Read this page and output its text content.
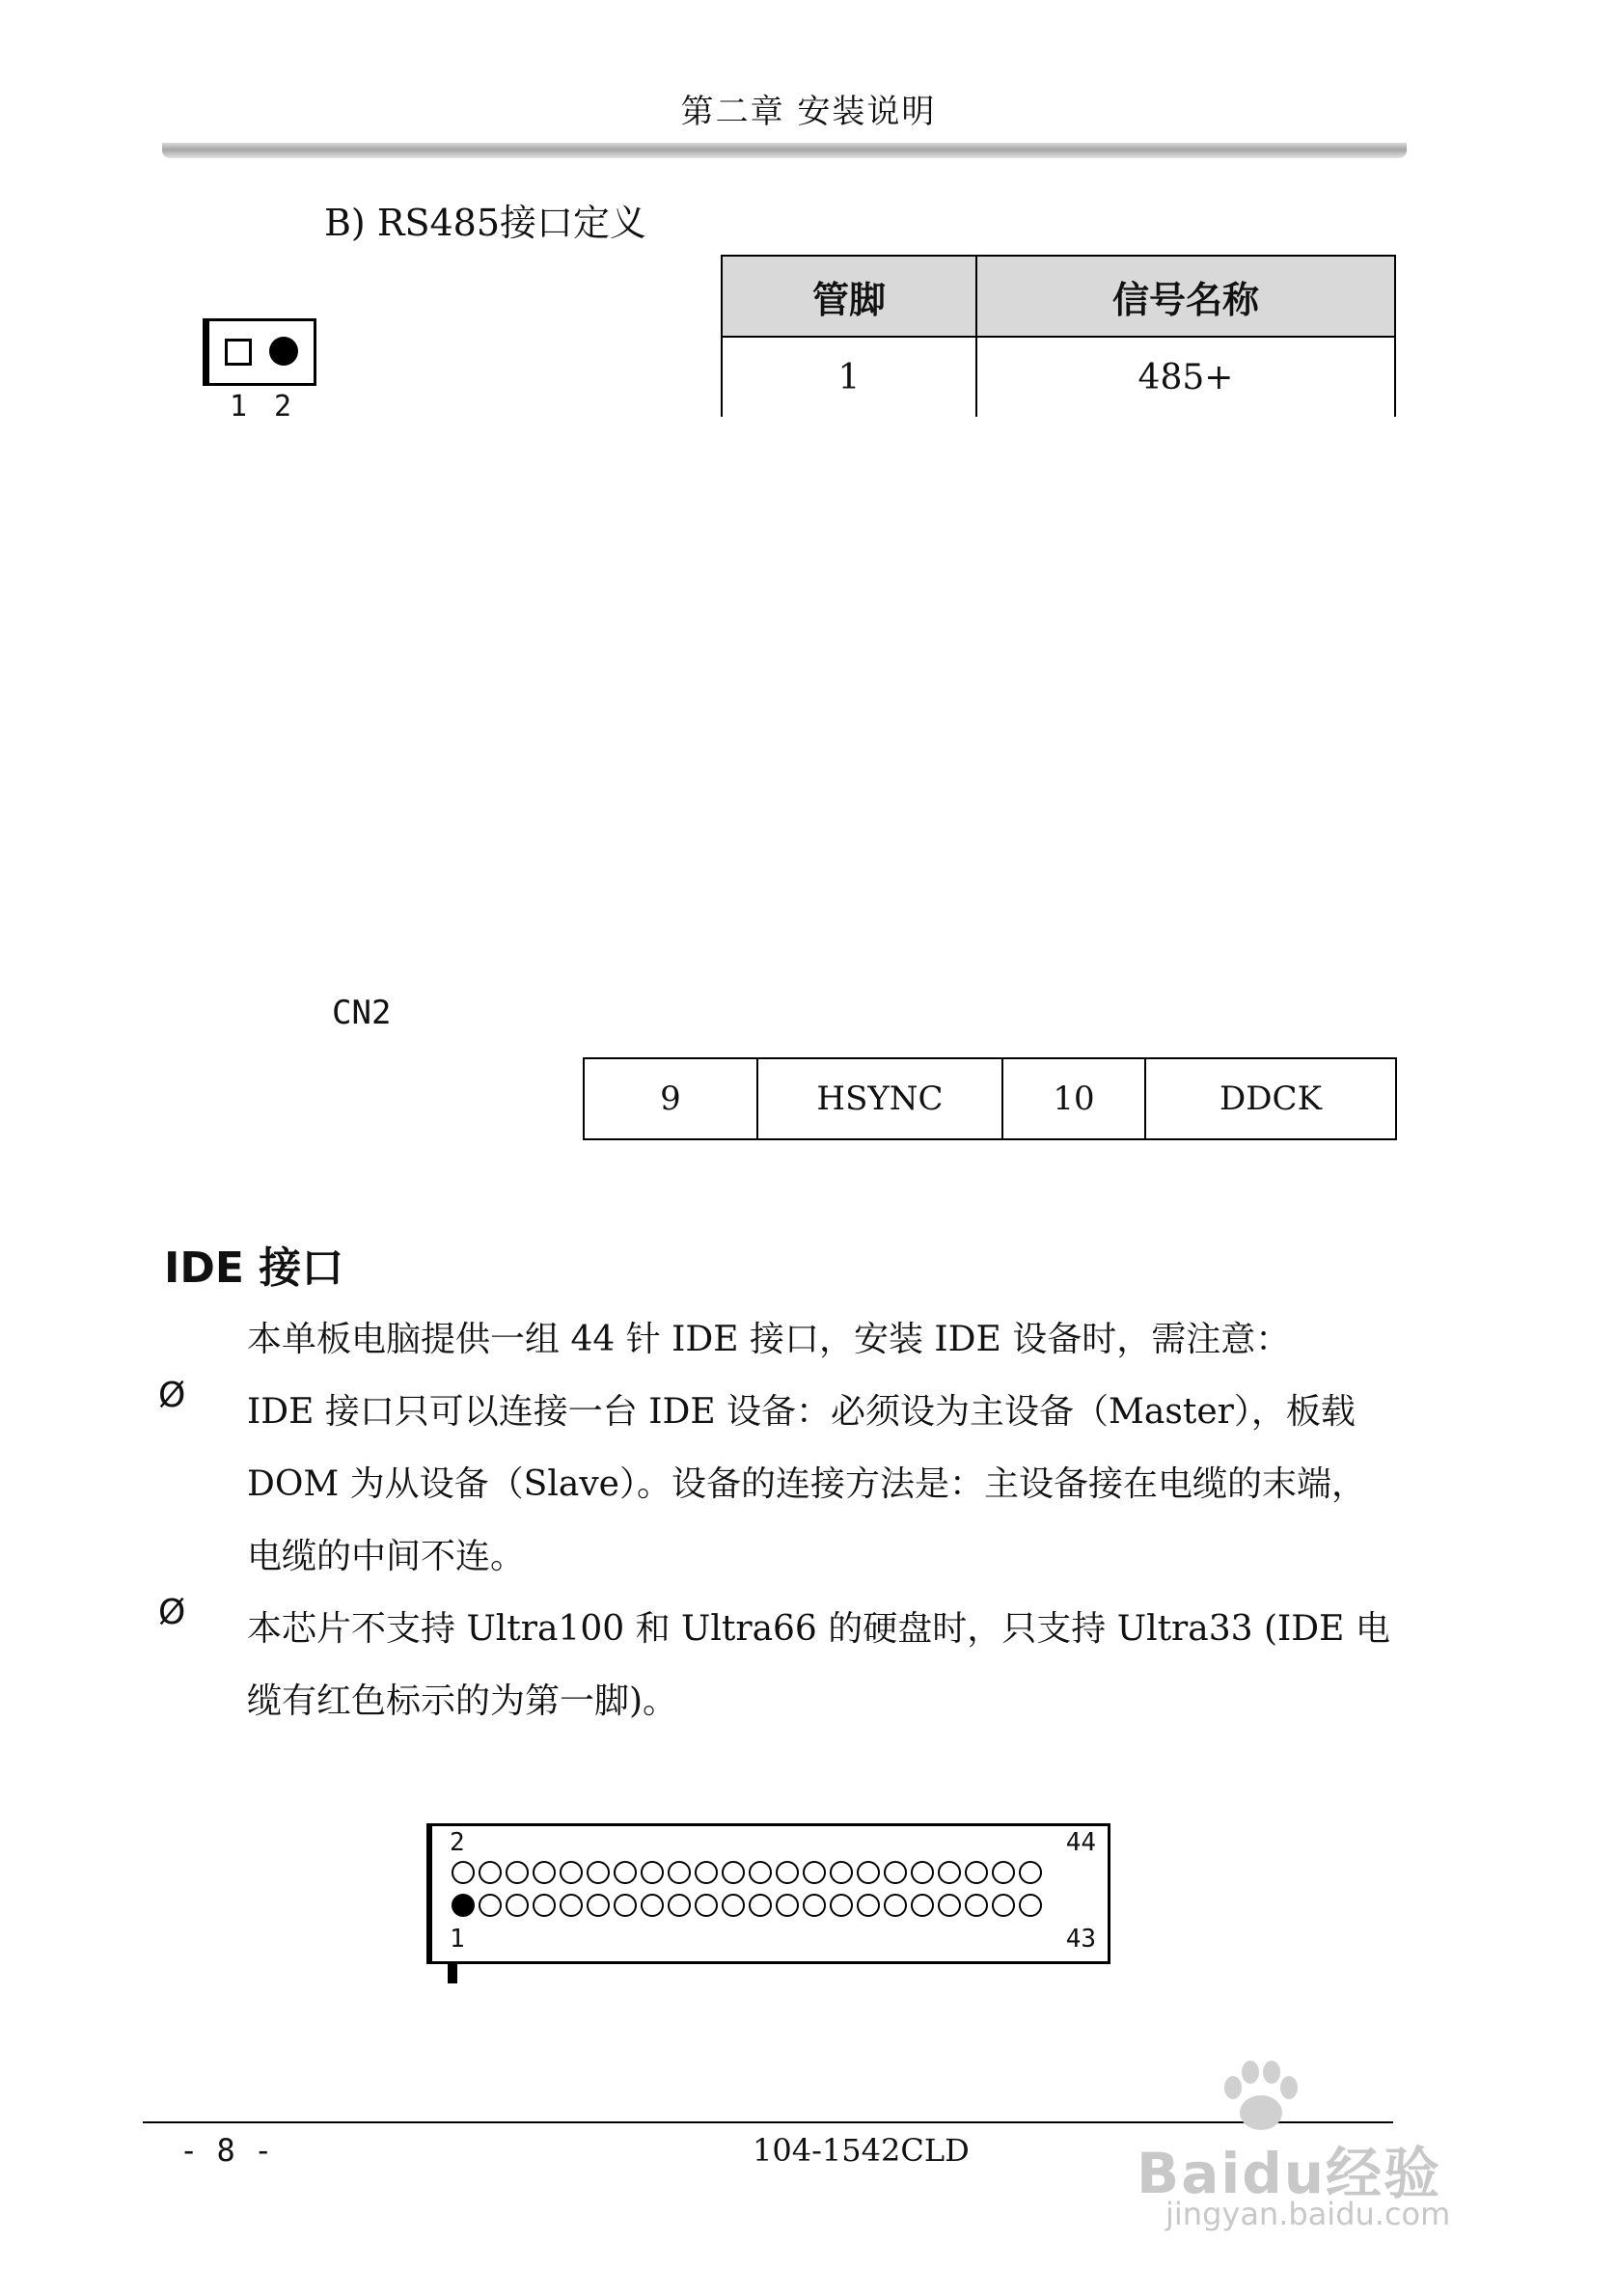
第二章 安装说明
B) RS485接口定义
1 2
管脚	信号名称
1	485+
CN2
9	HSYNC	10	DDCK
IDE 接口
本单板电脑提供一组 44 针 IDE 接口，安装 IDE 设备时，需注意：
Ø IDE 接口只可以连接一台 IDE 设备：必须设为主设备（Master），板载 DOM 为从设备（Slave）。设备的连接方法是：主设备接在电缆的末端，电缆的中间不连。
Ø 本芯片不支持 Ultra100 和 Ultra66 的硬盘时，只支持 Ultra33 (IDE 电缆有红色标示的为第一脚)。
2	44
1	43
- 8 -	104-1542CLD	Baidu经验
jingyan.baidu.com
